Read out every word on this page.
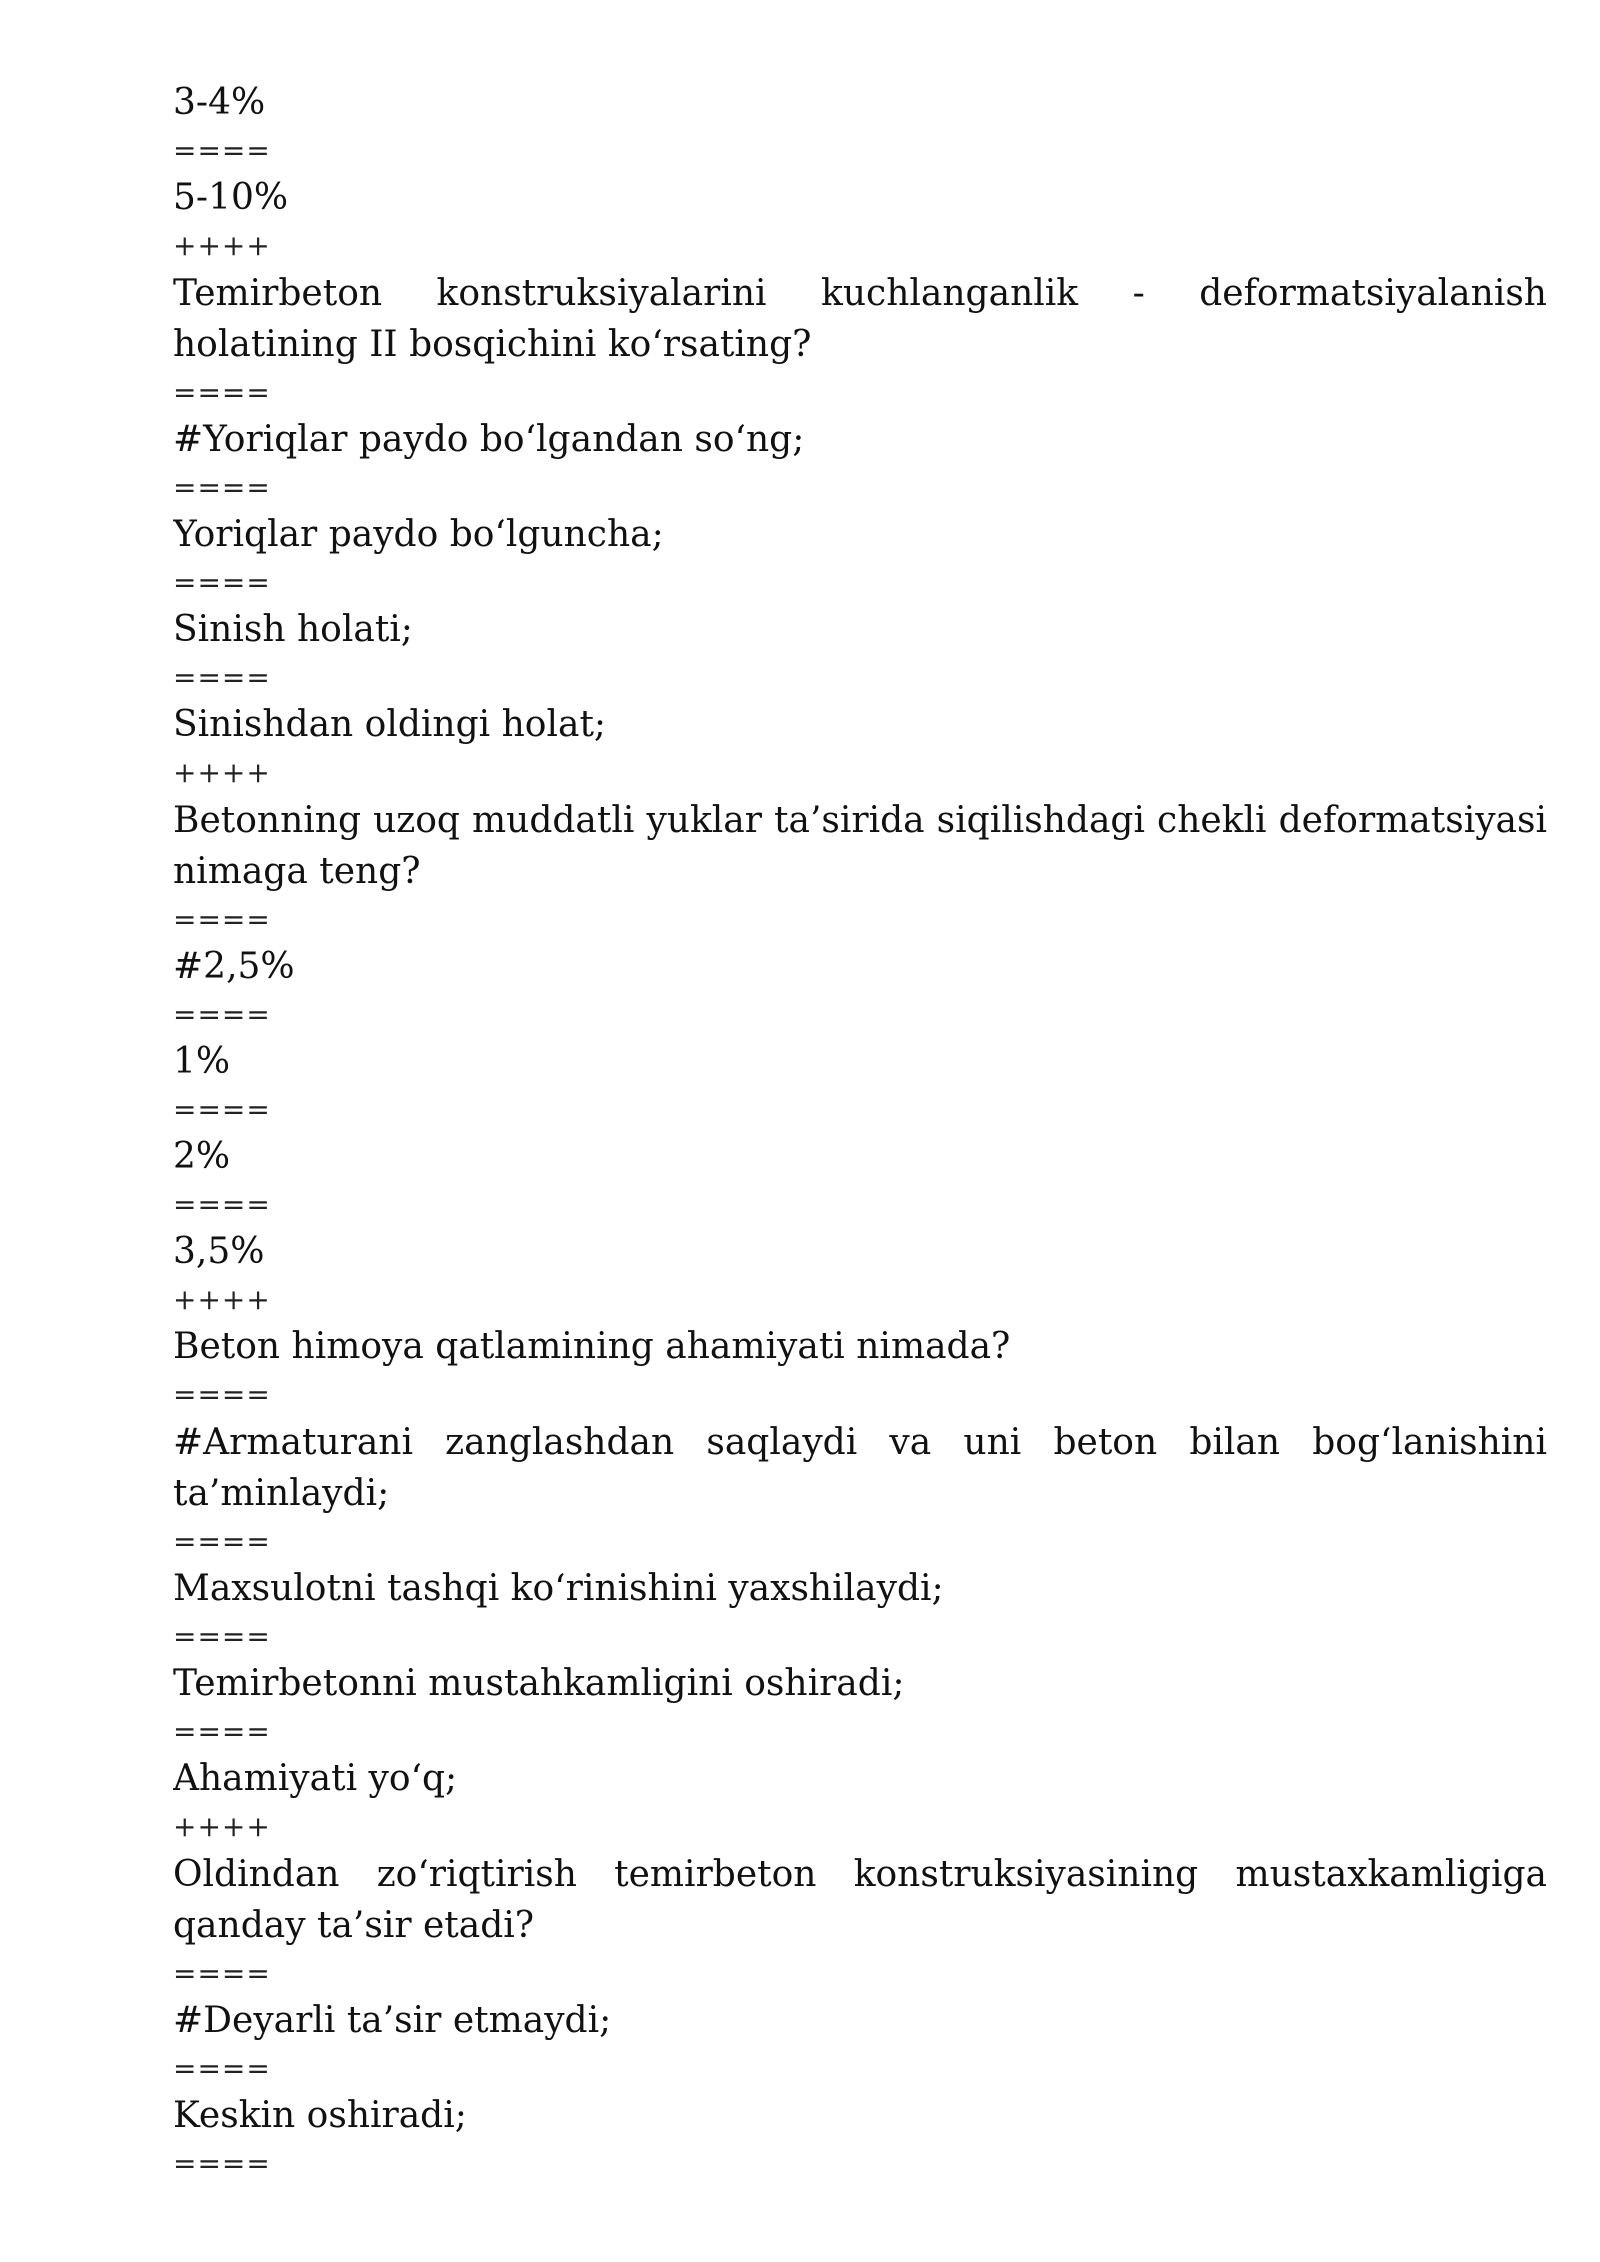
3-4%
====
5-10%
++++
Temirbeton konstruksiyalarini kuchlanganlik - deformatsiyalanish holatining II bosqichini koʻrsating?
====
#Yoriqlar paydo boʻlgandan soʻng;
====
Yoriqlar paydo boʻlguncha;
====
Sinish holati;
====
Sinishdan oldingi holat;
++++
Betonning uzoq muddatli yuklar ta’sirida siqilishdagi chekli deformatsiyasi nimaga teng?
====
#2,5%
====
1%
====
2%
====
3,5%
++++
Beton himoya qatlamining ahamiyati nimada?
====
#Armaturani zanglashdan saqlaydi va uni beton bilan bogʻlanishini ta’minlaydi;
====
Maxsulotni tashqi koʻrinishini yaxshilaydi;
====
Temirbetonni mustahkamligini oshiradi;
====
Ahamiyati yoʻq;
++++
Oldindan zoʻriqtirish temirbeton konstruksiyasining mustaxkamligiga qanday ta’sir etadi?
====
#Deyarli ta’sir etmaydi;
====
Keskin oshiradi;
====
